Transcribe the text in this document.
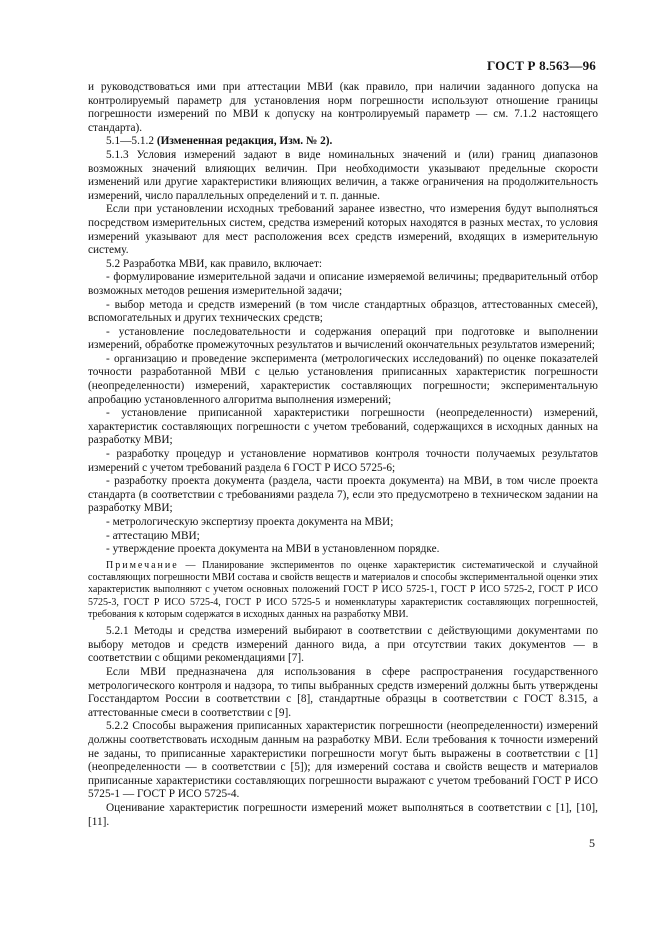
ГОСТ Р 8.563—96

и руководствоваться ими при аттестации МВИ (как правило, при наличии заданного допуска на контролируемый параметр для установления норм погрешности используют отношение границы погрешности измерений по МВИ к допуску на контролируемый параметр — см. 7.1.2 настоящего стандарта).

5.1—5.1.2 (Измененная редакция, Изм. № 2).

5.1.3 Условия измерений задают в виде номинальных значений и (или) границ диапазонов возможных значений влияющих величин. При необходимости указывают предельные скорости изменений или другие характеристики влияющих величин, а также ограничения на продолжительность измерений, число параллельных определений и т. п. данные.

Если при установлении исходных требований заранее известно, что измерения будут выполняться посредством измерительных систем, средства измерений которых находятся в разных местах, то условия измерений указывают для мест расположения всех средств измерений, входящих в измерительную систему.

5.2 Разработка МВИ, как правило, включает:

- формулирование измерительной задачи и описание измеряемой величины; предварительный отбор возможных методов решения измерительной задачи;

- выбор метода и средств измерений (в том числе стандартных образцов, аттестованных смесей), вспомогательных и других технических средств;

- установление последовательности и содержания операций при подготовке и выполнении измерений, обработке промежуточных результатов и вычислений окончательных результатов измерений;

- организацию и проведение эксперимента (метрологических исследований) по оценке показателей точности разработанной МВИ с целью установления приписанных характеристик погрешности (неопределенности) измерений, характеристик составляющих погрешности; экспериментальную апробацию установленного алгоритма выполнения измерений;

- установление приписанной характеристики погрешности (неопределенности) измерений, характеристик составляющих погрешности с учетом требований, содержащихся в исходных данных на разработку МВИ;

- разработку процедур и установление нормативов контроля точности получаемых результатов измерений с учетом требований раздела 6 ГОСТ Р ИСО 5725-6;

- разработку проекта документа (раздела, части проекта документа) на МВИ, в том числе проекта стандарта (в соответствии с требованиями раздела 7), если это предусмотрено в техническом задании на разработку МВИ;

- метрологическую экспертизу проекта документа на МВИ;

- аттестацию МВИ;

- утверждение проекта документа на МВИ в установленном порядке.

Примечание — Планирование экспериментов по оценке характеристик систематической и случайной составляющих погрешности МВИ состава и свойств веществ и материалов и способы экспериментальной оценки этих характеристик выполняют с учетом основных положений ГОСТ Р ИСО 5725-1, ГОСТ Р ИСО 5725-2, ГОСТ Р ИСО 5725-3, ГОСТ Р ИСО 5725-4, ГОСТ Р ИСО 5725-5 и номенклатуры характеристик составляющих погрешностей, требования к которым содержатся в исходных данных на разработку МВИ.

5.2.1 Методы и средства измерений выбирают в соответствии с действующими документами по выбору методов и средств измерений данного вида, а при отсутствии таких документов — в соответствии с общими рекомендациями [7].

Если МВИ предназначена для использования в сфере распространения государственного метрологического контроля и надзора, то типы выбранных средств измерений должны быть утверждены Госстандартом России в соответствии с [8], стандартные образцы в соответствии с ГОСТ 8.315, а аттестованные смеси в соответствии с [9].

5.2.2 Способы выражения приписанных характеристик погрешности (неопределенности) измерений должны соответствовать исходным данным на разработку МВИ. Если требования к точности измерений не заданы, то приписанные характеристики погрешности могут быть выражены в соответствии с [1] (неопределенности — в соответствии с [5]); для измерений состава и свойств веществ и материалов приписанные характеристики составляющих погрешности выражают с учетом требований ГОСТ Р ИСО 5725-1 — ГОСТ Р ИСО 5725-4.

Оценивание характеристик погрешности измерений может выполняться в соответствии с [1], [10], [11].

5
